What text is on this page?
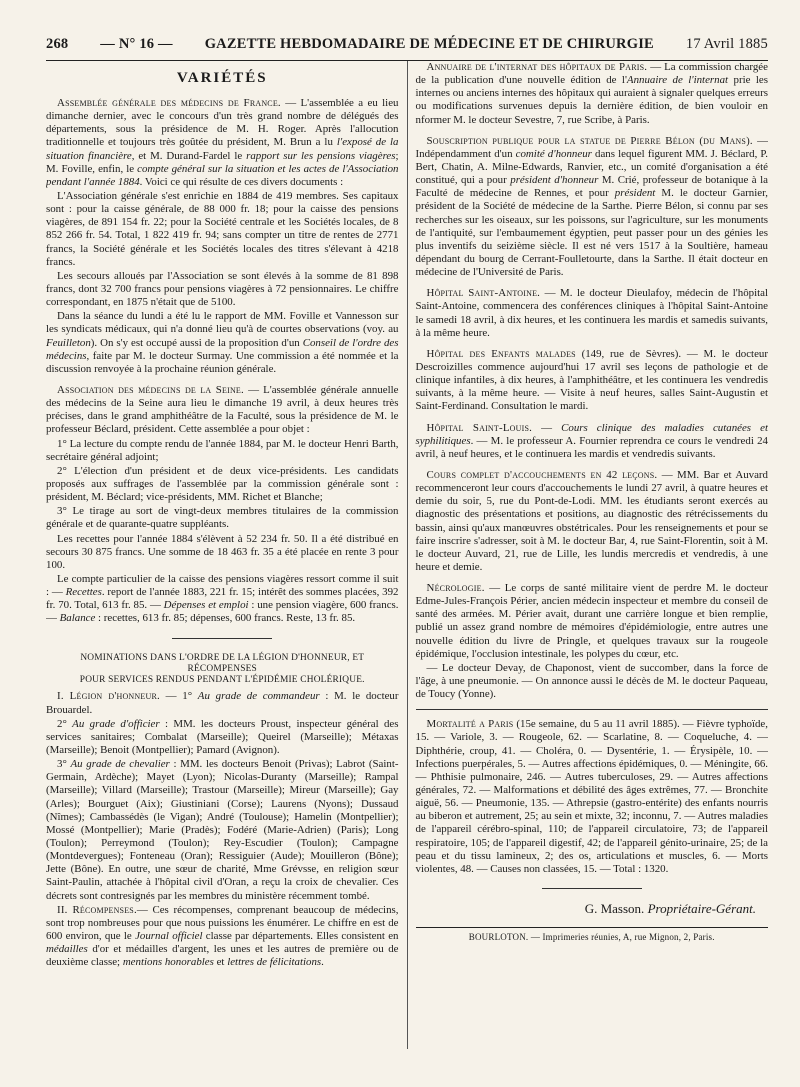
268 — N° 16 — GAZETTE HEBDOMADAIRE DE MÉDECINE ET DE CHIRURGIE 17 Avril 1885
VARIÉTÉS

Assemblée générale des médecins de France. — L'assemblée a eu lieu dimanche dernier, avec le concours d'un très grand nombre de délégués des départements, sous la présidence de M. H. Roger. Après l'allocution traditionnelle et toujours très goûtée du président, M. Brun a lu l'exposé de la situation financière, et M. Durand-Fardel le rapport sur les pensions viagères; M. Foville, enfin, le compte général sur la situation et les actes de l'Association pendant l'année 1884. Voici ce qui résulte de ces divers documents :

L'Association générale s'est enrichie en 1884 de 419 membres. Ses capitaux sont : pour la caisse générale, de 88 000 fr. 18; pour la caisse des pensions viagères, de 891 154 fr. 22; pour la Société centrale et les Sociétés locales, de 8 852 266 fr. 54. Total, 1 822 419 fr. 94; sans compter un titre de rentes de 2771 francs, la Société générale et les Sociétés locales des titres s'élevant à 4218 francs.

Les secours alloués par l'Association se sont élevés à la somme de 81 898 francs, dont 32 700 francs pour pensions viagères à 72 pensionnaires. Le chiffre correspondant, en 1875 n'était que de 5100.

Dans la séance du lundi a été lu le rapport de MM. Foville et Vannesson sur les syndicats médicaux, qui n'a donné lieu qu'à de courtes observations (voy. au Feuilleton). On s'y est occupé aussi de la proposition d'un Conseil de l'ordre des médecins, faite par M. le docteur Surmay. Une commission a été nommée et la discussion renvoyée à la prochaine réunion générale.

Association des médecins de la Seine. — L'assemblée générale annuelle des médecins de la Seine aura lieu le dimanche 19 avril, à deux heures très précises, dans le grand amphithéâtre de la Faculté, sous la présidence de M. le professeur Béclard, président. Cette assemblée a pour objet :

1° La lecture du compte rendu de l'année 1884, par M. le docteur Henri Barth, secrétaire général adjoint;

2° L'élection d'un président et de deux vice-présidents. Les candidats proposés aux suffrages de l'assemblée par la commission générale sont : président, M. Béclard; vice-présidents, MM. Richet et Blanche;

3° Le tirage au sort de vingt-deux membres titulaires de la commission générale et de quarante-quatre suppléants.

Les recettes pour l'année 1884 s'élèvent à 52 234 fr. 50. Il a été distribué en secours 30 875 francs. Une somme de 18 463 fr. 35 a été placée en rente 3 pour 100.

Le compte particulier de la caisse des pensions viagères ressort comme il suit : — Recettes. report de l'année 1883, 221 fr. 15; intérêt des sommes placées, 392 fr. 70. Total, 613 fr. 85. — Dépenses et emploi : une pension viagère, 600 francs. — Balance : recettes, 613 fr. 85; dépenses, 600 francs. Reste, 13 fr. 85.

NOMINATIONS DANS L'ORDRE DE LA LÉGION D'HONNEUR, ET RÉCOMPENSES
POUR SERVICES RENDUS PENDANT L'ÉPIDÉMIE CHOLÉRIQUE.

I. Légion d'honneur. — 1° Au grade de commandeur : M. le docteur Brouardel.

2° Au grade d'officier : MM. les docteurs Proust, inspecteur général des services sanitaires; Combalat (Marseille); Queirel (Marseille); Métaxas (Marseille); Benoit (Montpellier); Pamard (Avignon).

3° Au grade de chevalier : MM. les docteurs Benoit (Privas); Labrot (Saint-Germain, Ardèche); Mayet (Lyon); Nicolas-Duranty (Marseille); Rampal (Marseille); Villard (Marseille); Trastour (Marseille); Mireur (Marseille); Gay (Arles); Bourguet (Aix); Giustiniani (Corse); Laurens (Nyons); Dussaud (Nîmes); Cambassédès (le Vigan); André (Toulouse); Hamelin (Montpellier); Mossé (Montpellier); Marie (Pradès); Fodéré (Marie-Adrien) (Paris); Long (Toulon); Perreymond (Toulon); Rey-Escudier (Toulon); Campagne (Montdevergues); Fonteneau (Oran); Ressiguier (Aude); Mouilleron (Bône); Jette (Bône). En outre, une sœur de charité, Mme Grévsse, en religion sœur Saint-Paulin, attachée à l'hôpital civil d'Oran, a reçu la croix de chevalier. Ces décrets sont contresignés par les membres du ministère récemment tombé.

II. Récompenses.— Ces récompenses, comprenant beaucoup de médecins, sont trop nombreuses pour que nous puissions les énumérer. Le chiffre en est de 600 environ, que le Journal officiel classe par départements. Elles consistent en médailles d'or et médailles d'argent, les unes et les autres de première ou de deuxième classe; mentions honorables et lettres de félicitations.

Annuaire de l'internat des hôpitaux de Paris. — La commission chargée de la publication d'une nouvelle édition de l'Annuaire de l'internat prie les internes ou anciens internes des hôpitaux qui auraient à signaler quelques erreurs ou modifications survenues depuis la dernière édition, de bien vouloir en nformer M. le docteur Sevestre, 7, rue Scribe, à Paris.

Souscription publique pour la statue de Pierre Bélon (du Mans). — Indépendamment d'un comité d'honneur dans lequel figurent MM. J. Béclard, P. Bert, Chatin, A. Milne-Edwards, Ranvier, etc., un comité d'organisation a été constitué, qui a pour président d'honneur M. Crié, professeur de botanique à la Faculté de médecine de Rennes, et pour président M. le docteur Garnier, président de la Société de médecine de la Sarthe. Pierre Bélon, si connu par ses recherches sur les oiseaux, sur les poissons, sur l'agriculture, sur les monuments de l'antiquité, sur l'embaumement égyptien, peut passer pour un des génies les plus inventifs du seizième siècle. Il est né vers 1517 à la Soultière, hameau dépendant du bourg de Cerrant-Foulletourte, dans la Sarthe. Il était docteur en médecine de l'Université de Paris.

Hôpital Saint-Antoine. — M. le docteur Dieulafoy, médecin de l'hôpital Saint-Antoine, commencera des conférences cliniques à l'hôpital Saint-Antoine le samedi 18 avril, à dix heures, et les continuera les mardis et samedis suivants, à la même heure.

Hôpital des Enfants malades (149, rue de Sèvres). — M. le docteur Descroizilles commence aujourd'hui 17 avril ses leçons de pathologie et de clinique infantiles, à dix heures, à l'amphithéâtre, et les continuera les vendredis suivants, à la même heure. — Visite à neuf heures, salles Saint-Augustin et Saint-Ferdinand. Consultation le mardi.

Hôpital Saint-Louis. — Cours clinique des maladies cutanées et syphilitiques. — M. le professeur A. Fournier reprendra ce cours le vendredi 24 avril, à neuf heures, et le continuera les mardis et vendredis suivants.

Cours complet d'accouchements en 42 leçons. — MM. Bar et Auvard recommenceront leur cours d'accouchements le lundi 27 avril, à quatre heures et demie du soir, 5, rue du Pont-de-Lodi. MM. les étudiants seront exercés au diagnostic des présentations et positions, au diagnostic des rétrécissements du bassin, ainsi qu'aux manœuvres obstétricales. Pour les renseignements et pour se faire inscrire s'adresser, soit à M. le docteur Bar, 4, rue Saint-Florentin, soit à M. le docteur Auvard, 21, rue de Lille, les lundis mercredis et vendredis, à une heure et demie.

Nécrologie. — Le corps de santé militaire vient de perdre M. le docteur Edme-Jules-François Périer, ancien médecin inspecteur et membre du conseil de santé des armées. M. Périer avait, durant une carrière longue et bien remplie, publié un assez grand nombre de mémoires d'épidémiologie, entre autres une nouvelle édition du livre de Pringle, et quelques travaux sur la rougeole épidémique, l'occlusion intestinale, les polypes du cœur, etc.

— Le docteur Devay, de Chaponost, vient de succomber, dans la force de l'âge, à une pneumonie. — On annonce aussi le décès de M. le docteur Paqueau, de Toucy (Yonne).

Mortalité a Paris (15e semaine, du 5 au 11 avril 1885). — Fièvre typhoïde, 15. — Variole, 3. — Rougeole, 62. — Scarlatine, 8. — Coqueluche, 4. — Diphthérie, croup, 41. — Choléra, 0. — Dysentérie, 1. — Érysipèle, 10. — Infections puerpérales, 5. — Autres affections épidémiques, 0. — Méningite, 66. — Phthisie pulmonaire, 246. — Autres tuberculoses, 29. — Autres affections générales, 72. — Malformations et débilité des âges extrêmes, 77. — Bronchite aiguë, 56. — Pneumonie, 135. — Athrepsie (gastro-entérite) des enfants nourris au biberon et autrement, 25; au sein et mixte, 32; inconnu, 7. — Autres maladies de l'appareil cérébro-spinal, 110; de l'appareil circulatoire, 73; de l'appareil respiratoire, 105; de l'appareil digestif, 42; de l'appareil génito-urinaire, 25; de la peau et du tissu lamineux, 2; des os, articulations et muscles, 6. — Morts violentes, 48. — Causes non classées, 15. — Total : 1320.

G. Masson. Propriétaire-Gérant.
BOURLOTON. — Imprimeries réunies, A, rue Mignon, 2, Paris.
